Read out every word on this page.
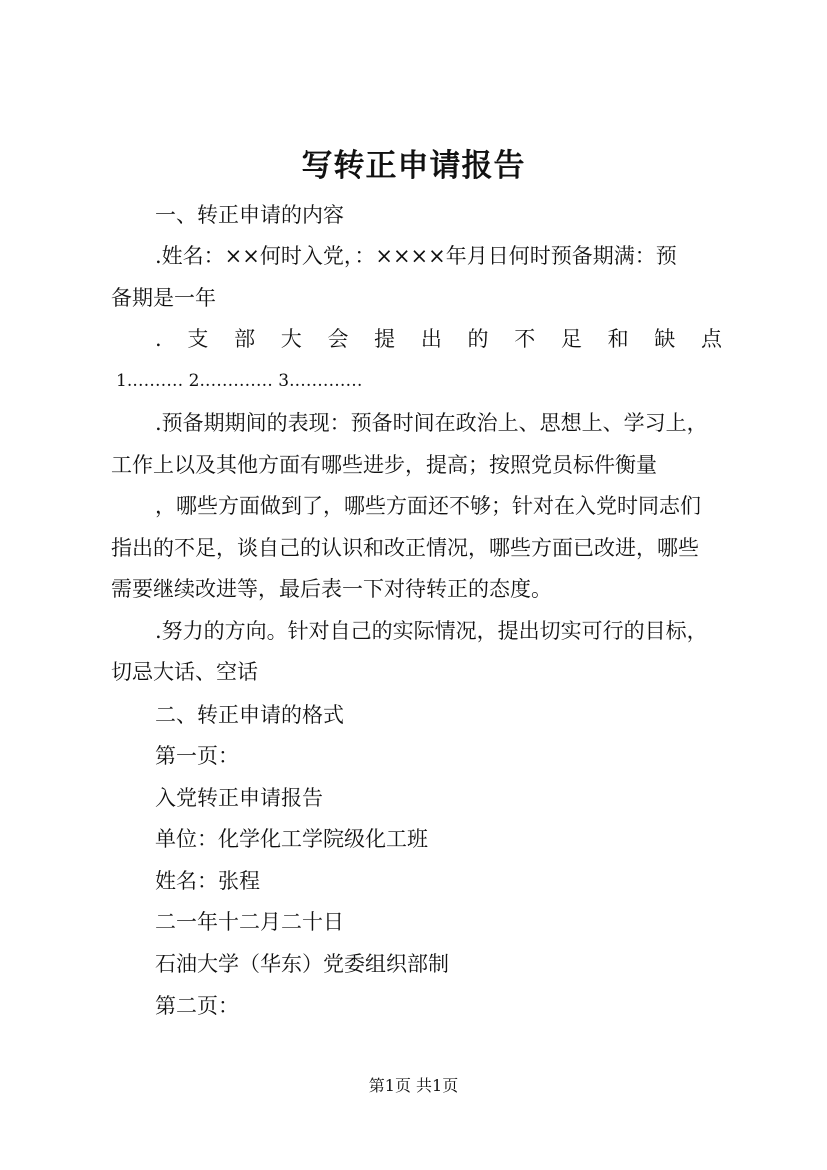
写转正申请报告
一、转正申请的内容
.姓名：××何时入党，：××××年月日何时预备期满：预
备期是一年
. 支 部 大 会 提 出 的 不 足 和 缺 点
1.……… 2.………… 3.…………
.预备期期间的表现：预备时间在政治上、思想上、学习上，
工作上以及其他方面有哪些进步，提高；按照党员标件衡量
，哪些方面做到了，哪些方面还不够；针对在入党时同志们
指出的不足，谈自己的认识和改正情况，哪些方面已改进，哪些
需要继续改进等，最后表一下对待转正的态度。
.努力的方向。针对自己的实际情况，提出切实可行的目标，
切忌大话、空话
二、转正申请的格式
第一页：
入党转正申请报告
单位：化学化工学院级化工班
姓名：张程
二一年十二月二十日
石油大学（华东）党委组织部制
第二页：
第1页 共1页
